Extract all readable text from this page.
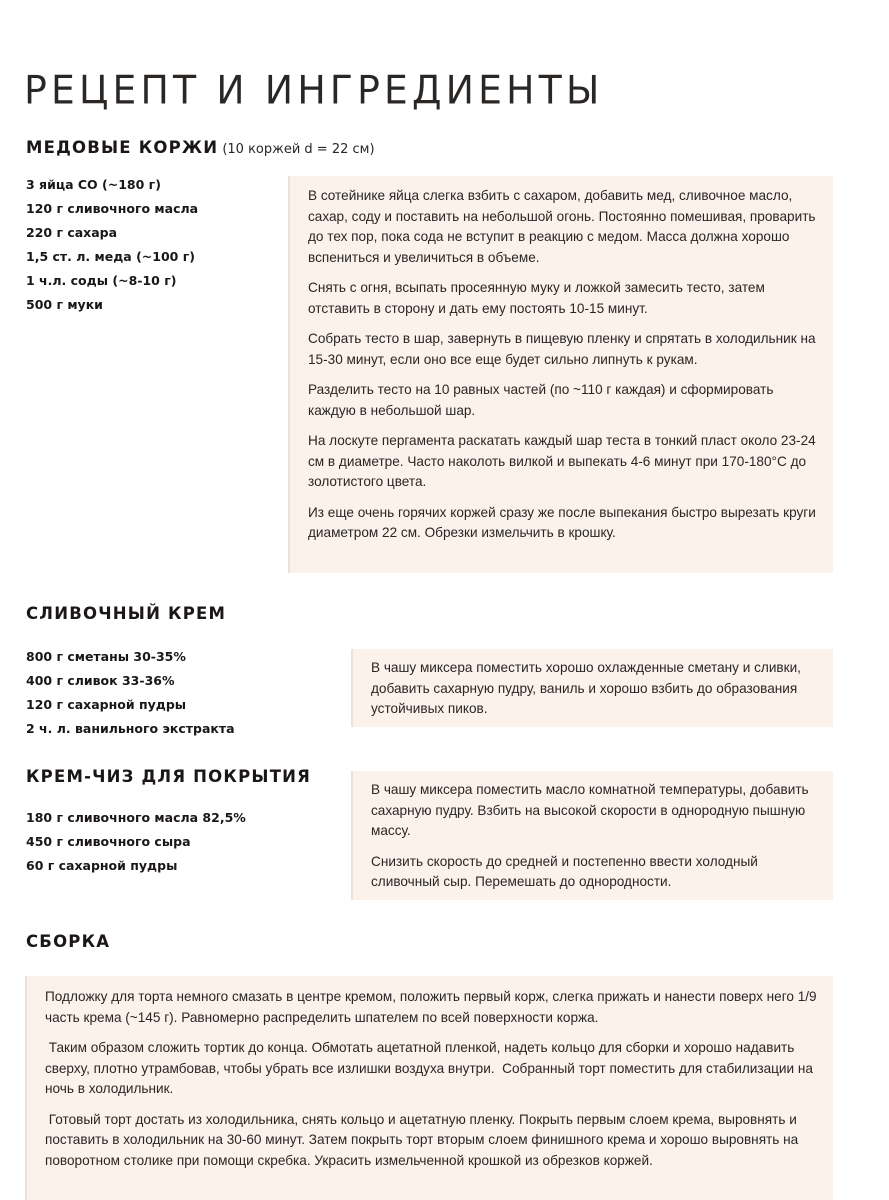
РЕЦЕПТ И ИНГРЕДИЕНТЫ
МЕДОВЫЕ КОРЖИ (10 коржей d = 22 см)
3 яйца СО (~180 г)
120 г сливочного масла
220 г сахара
1,5 ст. л. меда (~100 г)
1 ч.л. соды (~8-10 г)
500 г муки

В сотейнике яйца слегка взбить с сахаром, добавить мед, сливочное масло, сахар, соду и поставить на небольшой огонь. Постоянно помешивая, проварить до тех пор, пока сода не вступит в реакцию с медом. Масса должна хорошо вспениться и увеличиться в объеме.

Снять с огня, всыпать просеянную муку и ложкой замесить тесто, затем отставить в сторону и дать ему постоять 10-15 минут.

Собрать тесто в шар, завернуть в пищевую пленку и спрятать в холодильник на 15-30 минут, если оно все еще будет сильно липнуть к рукам.

Разделить тесто на 10 равных частей (по ~110 г каждая) и сформировать каждую в небольшой шар.

На лоскуте пергамента раскатать каждый шар теста в тонкий пласт около 23-24 см в диаметре. Часто наколоть вилкой и выпекать 4-6 минут при 170-180°С до золотистого цвета.

Из еще очень горячих коржей сразу же после выпекания быстро вырезать круги диаметром 22 см. Обрезки измельчить в крошку.

СЛИВОЧНЫЙ КРЕМ
800 г сметаны 30-35%
400 г сливок 33-36%
120 г сахарной пудры
2 ч. л. ванильного экстракта

В чашу миксера поместить хорошо охлажденные сметану и сливки, добавить сахарную пудру, ваниль и хорошо взбить до образования устойчивых пиков.

КРЕМ-ЧИЗ ДЛЯ ПОКРЫТИЯ
180 г сливочного масла 82,5%
450 г сливочного сыра
60 г сахарной пудры

В чашу миксера поместить масло комнатной температуры, добавить сахарную пудру. Взбить на высокой скорости в однородную пышную массу.

Снизить скорость до средней и постепенно ввести холодный сливочный сыр. Перемешать до однородности.

СБОРКА

Подложку для торта немного смазать в центре кремом, положить первый корж, слегка прижать и нанести поверх него 1/9 часть крема (~145 г). Равномерно распределить шпателем по всей поверхности коржа.

Таким образом сложить тортик до конца. Обмотать ацетатной пленкой, надеть кольцо для сборки и хорошо надавить сверху, плотно утрамбовав, чтобы убрать все излишки воздуха внутри.  Собранный торт поместить для стабилизации на ночь в холодильник.

Готовый торт достать из холодильника, снять кольцо и ацетатную пленку. Покрыть первым слоем крема, выровнять и поставить в холодильник на 30-60 минут. Затем покрыть торт вторым слоем финишного крема и хорошо выровнять на поворотном столике при помощи скребка. Украсить измельченной крошкой из обрезков коржей.
